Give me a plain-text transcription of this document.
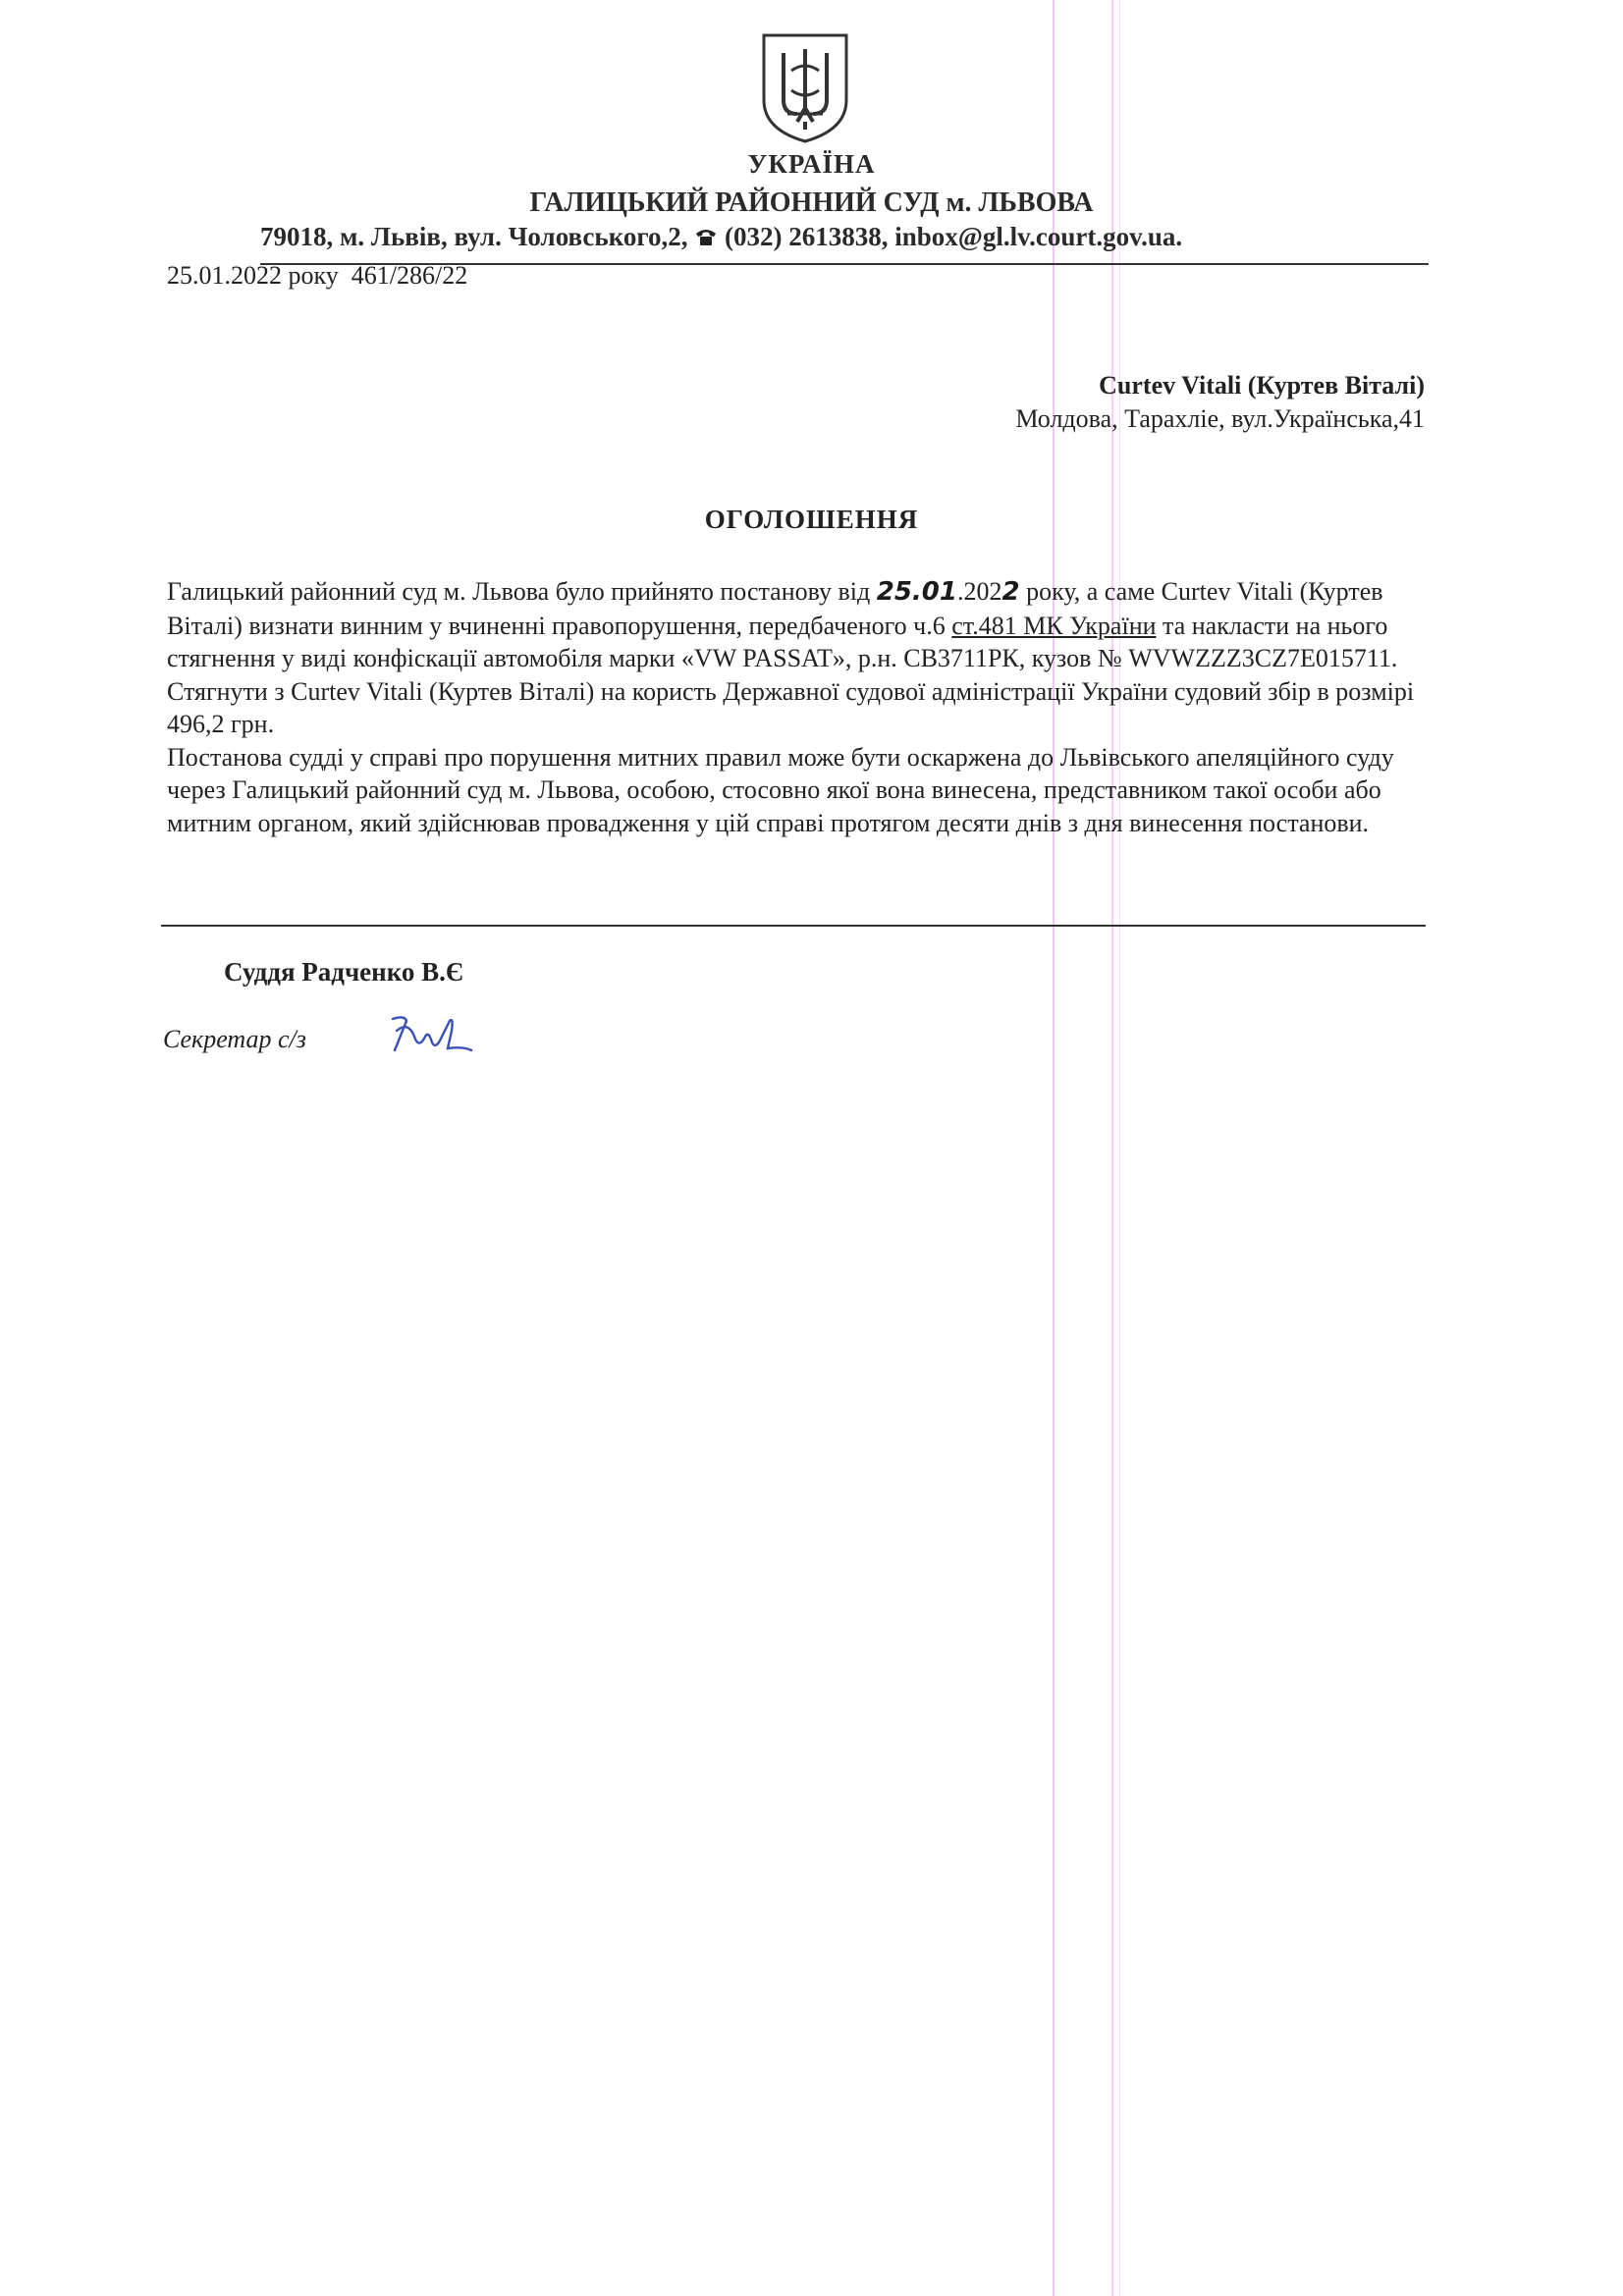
УКРАЇНА
ГАЛИЦЬКИЙ РАЙОННИЙ СУД м. ЛЬВОВА
79018, м. Львів, вул. Чоловського,2, (032) 2613838, inbox@gl.lv.court.gov.ua.
25.01.2022 року  461/286/22
Curtev Vitali (Куртев Віталі)
Молдова, Тарахліе, вул.Українська,41
ОГОЛОШЕННЯ

Галицький районний суд м. Львова було прийнято постанову від 25.01.2022 року, а саме Curtev Vitali (Куртев Віталі) визнати винним у вчиненні правопорушення, передбаченого ч.6 ст.481 МК України та накласти на нього стягнення у виді конфіскації автомобіля марки «VW PASSAT», р.н. СВ3711РК, кузов № WVWZZZ3CZ7E015711.

Стягнути з Curtev Vitali (Куртев Віталі) на користь Державної судової адміністрації України судовий збір в розмірі 496,2 грн.

Постанова судді у справі про порушення митних правил може бути оскаржена до Львівського апеляційного суду через Галицький районний суд м. Львова, особою, стосовно якої вона винесена, представником такої особи або митним органом, який здійснював провадження у цій справі протягом десяти днів з дня винесення постанови.

Суддя Радченко В.Є
Секретар с/з
